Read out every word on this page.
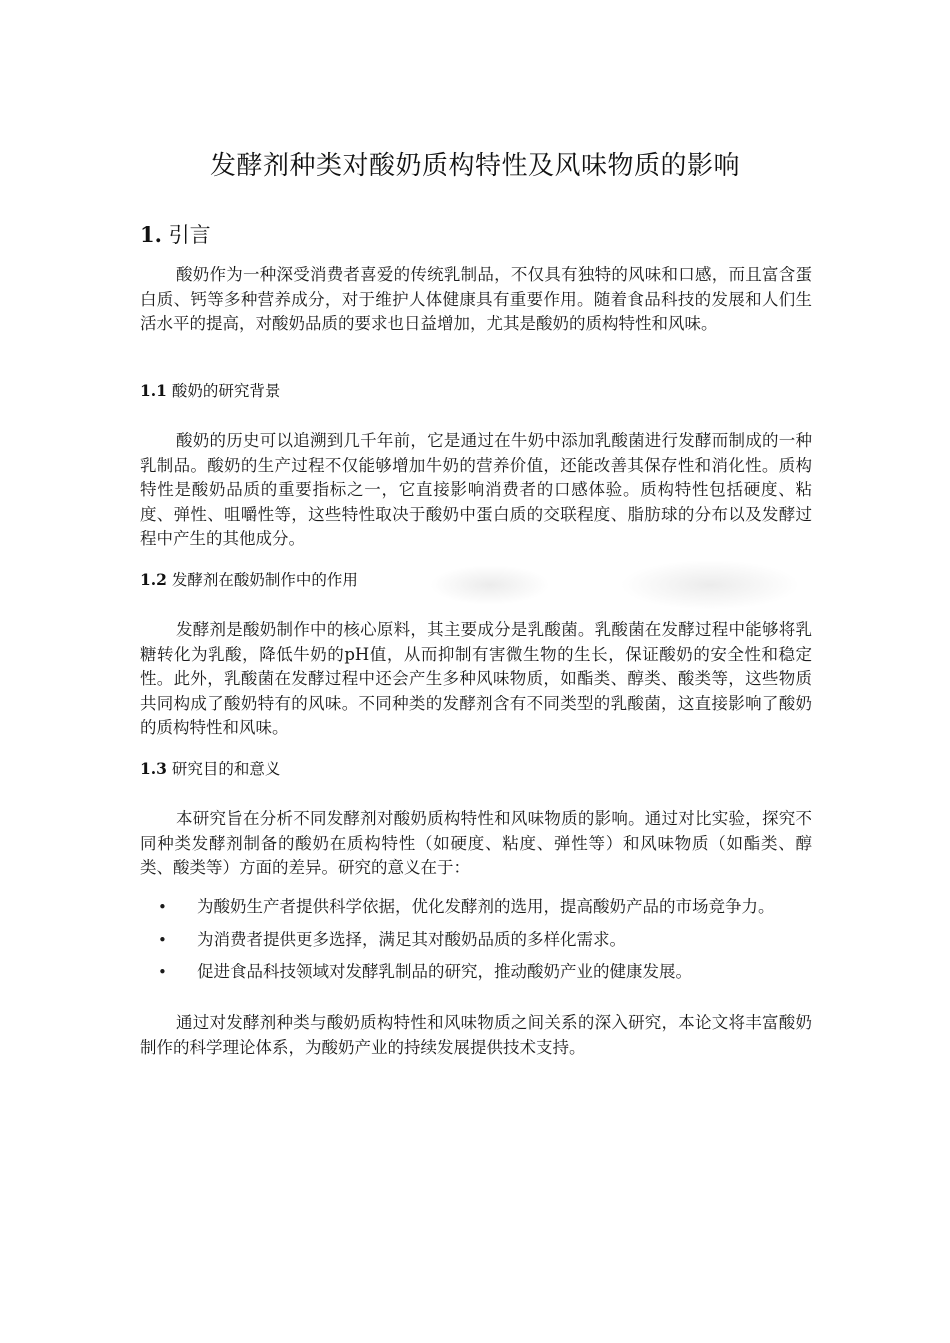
发酵剂种类对酸奶质构特性及风味物质的影响
1. 引言

酸奶作为一种深受消费者喜爱的传统乳制品，不仅具有独特的风味和口感，而且富含蛋白质、钙等多种营养成分，对于维护人体健康具有重要作用。随着食品科技的发展和人们生活水平的提高，对酸奶品质的要求也日益增加，尤其是酸奶的质构特性和风味。

1.1 酸奶的研究背景

酸奶的历史可以追溯到几千年前，它是通过在牛奶中添加乳酸菌进行发酵而制成的一种乳制品。酸奶的生产过程不仅能够增加牛奶的营养价值，还能改善其保存性和消化性。质构特性是酸奶品质的重要指标之一，它直接影响消费者的口感体验。质构特性包括硬度、粘度、弹性、咀嚼性等，这些特性取决于酸奶中蛋白质的交联程度、脂肪球的分布以及发酵过程中产生的其他成分。

1.2 发酵剂在酸奶制作中的作用

发酵剂是酸奶制作中的核心原料，其主要成分是乳酸菌。乳酸菌在发酵过程中能够将乳糖转化为乳酸，降低牛奶的pH值，从而抑制有害微生物的生长，保证酸奶的安全性和稳定性。此外，乳酸菌在发酵过程中还会产生多种风味物质，如酯类、醇类、酸类等，这些物质共同构成了酸奶特有的风味。不同种类的发酵剂含有不同类型的乳酸菌，这直接影响了酸奶的质构特性和风味。

1.3 研究目的和意义

本研究旨在分析不同发酵剂对酸奶质构特性和风味物质的影响。通过对比实验，探究不同种类发酵剂制备的酸奶在质构特性（如硬度、粘度、弹性等）和风味物质（如酯类、醇类、酸类等）方面的差异。研究的意义在于：

• 为酸奶生产者提供科学依据，优化发酵剂的选用，提高酸奶产品的市场竞争力。
• 为消费者提供更多选择，满足其对酸奶品质的多样化需求。
• 促进食品科技领域对发酵乳制品的研究，推动酸奶产业的健康发展。

通过对发酵剂种类与酸奶质构特性和风味物质之间关系的深入研究，本论文将丰富酸奶制作的科学理论体系，为酸奶产业的持续发展提供技术支持。
